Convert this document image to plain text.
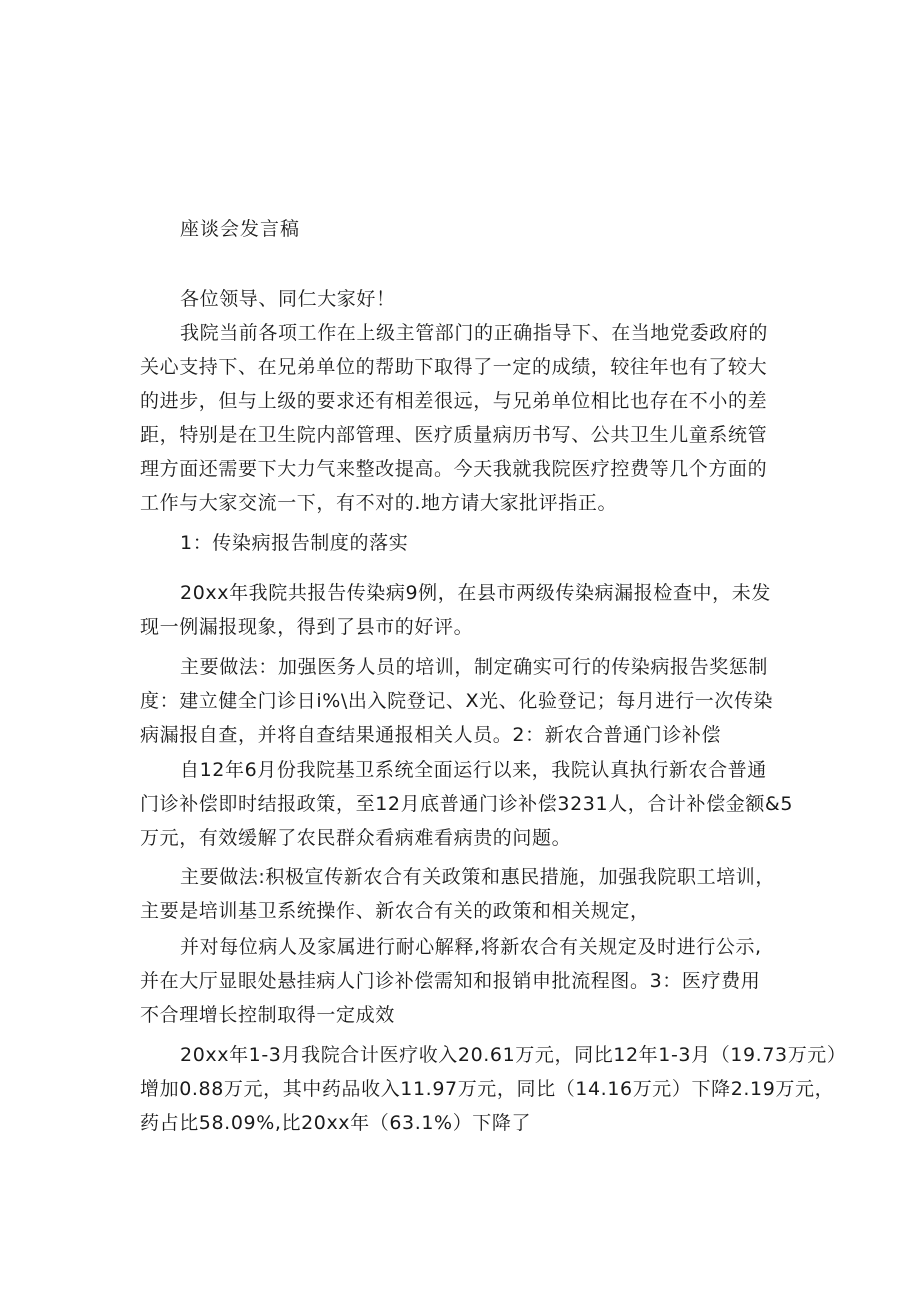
座谈会发言稿
各位领导、同仁大家好！
我院当前各项工作在上级主管部门的正确指导下、在当地党委政府的
关心支持下、在兄弟单位的帮助下取得了一定的成绩，较往年也有了较大
的进步，但与上级的要求还有相差很远，与兄弟单位相比也存在不小的差
距，特别是在卫生院内部管理、医疗质量病历书写、公共卫生儿童系统管
理方面还需要下大力气来整改提高。今天我就我院医疗控费等几个方面的
工作与大家交流一下，有不对的.地方请大家批评指正。
1：传染病报告制度的落实
20xx年我院共报告传染病9例，在县市两级传染病漏报检查中，未发
现一例漏报现象，得到了县市的好评。
主要做法：加强医务人员的培训，制定确实可行的传染病报告奖惩制
度：建立健全门诊日i%\出入院登记、X光、化验登记；每月进行一次传染
病漏报自查，并将自查结果通报相关人员。2：新农合普通门诊补偿
自12年6月份我院基卫系统全面运行以来，我院认真执行新农合普通
门诊补偿即时结报政策，至12月底普通门诊补偿3231人，合计补偿金额&5
万元，有效缓解了农民群众看病难看病贵的问题。
主要做法:积极宣传新农合有关政策和惠民措施，加强我院职工培训，
主要是培训基卫系统操作、新农合有关的政策和相关规定，
并对每位病人及家属进行耐心解释,将新农合有关规定及时进行公示,
并在大厅显眼处悬挂病人门诊补偿需知和报销申批流程图。3：医疗费用
不合理增长控制取得一定成效
20xx年1-3月我院合计医疗收入20.61万元，同比12年1-3月（19.73万元）
增加0.88万元，其中药品收入11.97万元，同比（14.16万元）下降2.19万元，
药占比58.09%,比20xx年（63.1%）下降了
